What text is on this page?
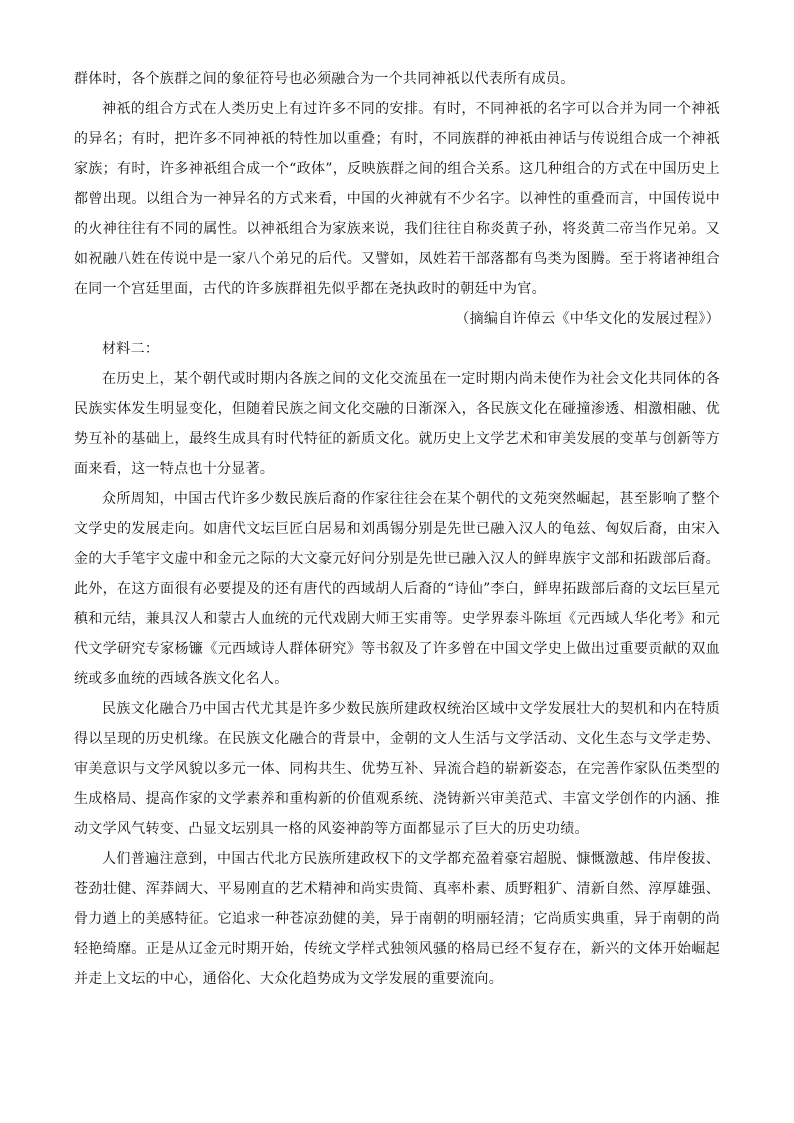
群体时，各个族群之间的象征符号也必须融合为一个共同神祇以代表所有成员。

神祇的组合方式在人类历史上有过许多不同的安排。有时，不同神祇的名字可以合并为同一个神祇的异名；有时，把许多不同神祇的特性加以重叠；有时，不同族群的神祇由神话与传说组合成一个神祇家族；有时，许多神祇组合成一个“政体”，反映族群之间的组合关系。这几种组合的方式在中国历史上都曾出现。以组合为一神异名的方式来看，中国的火神就有不少名字。以神性的重叠而言，中国传说中的火神往往有不同的属性。以神祇组合为家族来说，我们往往自称炎黄子孙，将炎黄二帝当作兄弟。又如祝融八姓在传说中是一家八个弟兄的后代。又譬如，凤姓若干部落都有鸟类为图腾。至于将诸神组合在同一个宫廷里面，古代的许多族群祖先似乎都在尧执政时的朝廷中为官。

（摘编自许倬云《中华文化的发展过程》）

材料二：

在历史上，某个朝代或时期内各族之间的文化交流虽在一定时期内尚未使作为社会文化共同体的各民族实体发生明显变化，但随着民族之间文化交融的日渐深入，各民族文化在碰撞渗透、相激相融、优势互补的基础上，最终生成具有时代特征的新质文化。就历史上文学艺术和审美发展的变革与创新等方面来看，这一特点也十分显著。

众所周知，中国古代许多少数民族后裔的作家往往会在某个朝代的文苑突然崛起，甚至影响了整个文学史的发展走向。如唐代文坛巨匠白居易和刘禹锡分别是先世已融入汉人的龟兹、匈奴后裔，由宋入金的大手笔宇文虚中和金元之际的大文豪元好问分别是先世已融入汉人的鲜卑族宇文部和拓跋部后裔。此外，在这方面很有必要提及的还有唐代的西域胡人后裔的“诗仙”李白，鲜卑拓跋部后裔的文坛巨星元稹和元结，兼具汉人和蒙古人血统的元代戏剧大师王实甫等。史学界泰斗陈垣《元西域人华化考》和元代文学研究专家杨镰《元西域诗人群体研究》等书叙及了许多曾在中国文学史上做出过重要贡献的双血统或多血统的西域各族文化名人。

民族文化融合乃中国古代尤其是许多少数民族所建政权统治区域中文学发展壮大的契机和内在特质得以呈现的历史机缘。在民族文化融合的背景中，金朝的文人生活与文学活动、文化生态与文学走势、审美意识与文学风貌以多元一体、同构共生、优势互补、异流合趋的崭新姿态，在完善作家队伍类型的生成格局、提高作家的文学素养和重构新的价值观系统、浇铸新兴审美范式、丰富文学创作的内涵、推动文学风气转变、凸显文坛别具一格的风姿神韵等方面都显示了巨大的历史功绩。

人们普遍注意到，中国古代北方民族所建政权下的文学都充盈着豪宕超脱、慷慨激越、伟岸俊拔、苍劲壮健、浑莽阔大、平易刚直的艺术精神和尚实贵简、真率朴素、质野粗犷、清新自然、淳厚雄强、骨力遒上的美感特征。它追求一种苍凉劲健的美，异于南朝的明丽轻清；它尚质实典重，异于南朝的尚轻艳绮靡。正是从辽金元时期开始，传统文学样式独领风骚的格局已经不复存在，新兴的文体开始崛起并走上文坛的中心，通俗化、大众化趋势成为文学发展的重要流向。
